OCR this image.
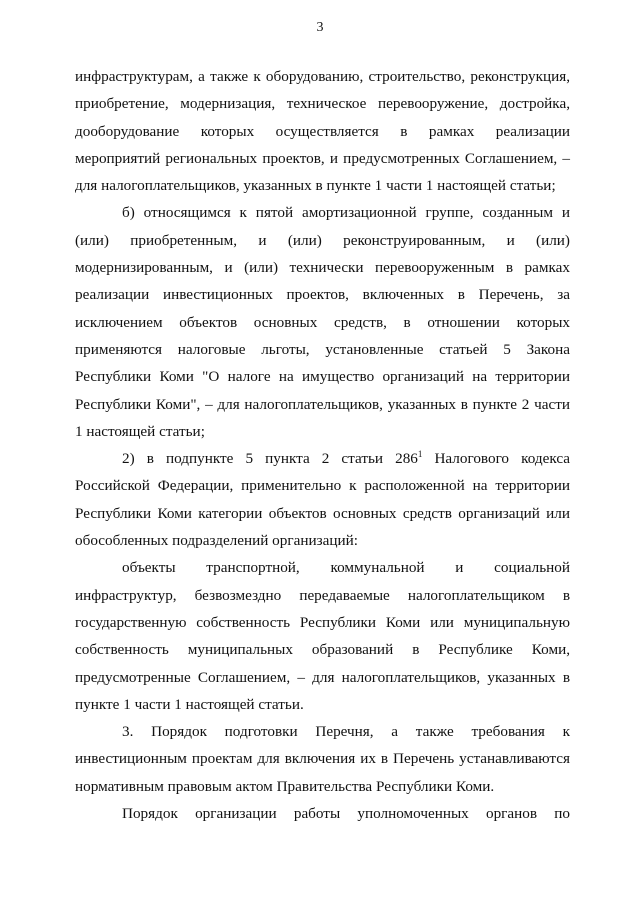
3
инфраструктурам, а также к оборудованию, строительство, реконструкция,
приобретение, модернизация, техническое перевооружение, достройка,
дооборудование которых осуществляется в рамках реализации
мероприятий региональных проектов, и предусмотренных Соглашением, –
для налогоплательщиков, указанных в пункте 1 части 1 настоящей статьи;
б) относящимся к пятой амортизационной группе, созданным и
(или) приобретенным, и (или) реконструированным, и (или)
модернизированным, и (или) технически перевооруженным в рамках
реализации инвестиционных проектов, включенных в Перечень, за
исключением объектов основных средств, в отношении которых
применяются налоговые льготы, установленные статьей 5 Закона
Республики Коми "О налоге на имущество организаций на территории
Республики Коми", – для налогоплательщиков, указанных в пункте 2 части
1 настоящей статьи;
2) в подпункте 5 пункта 2 статьи $286^1$ Налогового кодекса
Российской Федерации, применительно к расположенной на территории
Республики Коми категории объектов основных средств организаций или
обособленных подразделений организаций:
объекты транспортной, коммунальной и социальной
инфраструктур, безвозмездно передаваемые налогоплательщиком в
государственную собственность Республики Коми или муниципальную
собственность муниципальных образований в Республике Коми,
предусмотренные Соглашением, – для налогоплательщиков, указанных в
пункте 1 части 1 настоящей статьи.
3. Порядок подготовки Перечня, а также требования к
инвестиционным проектам для включения их в Перечень устанавливаются
нормативным правовым актом Правительства Республики Коми.
Порядок организации работы уполномоченных органов по
